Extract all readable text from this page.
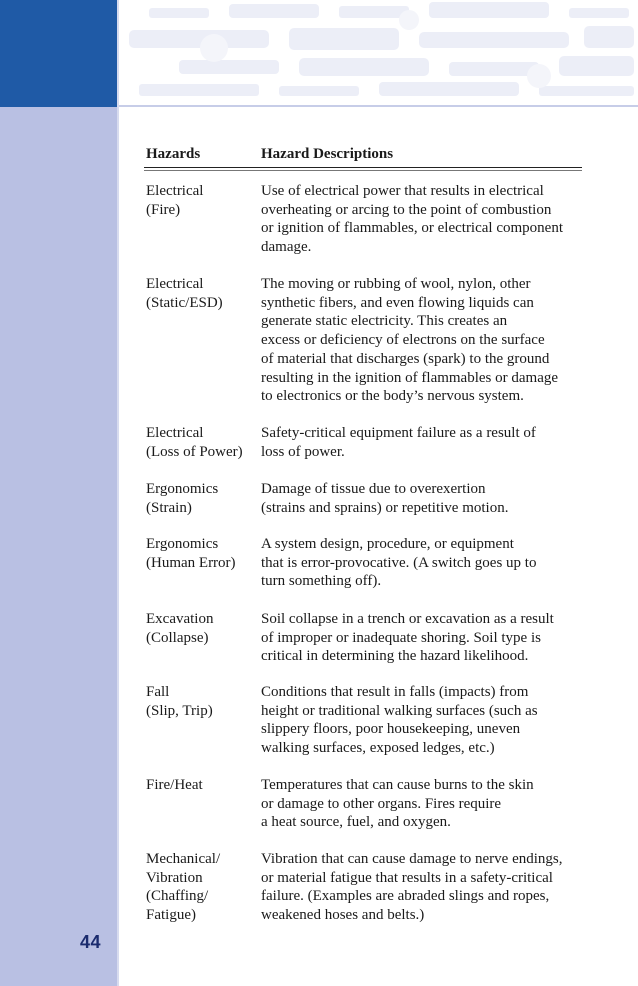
44
Hazards	Hazard Descriptions
Electrical
(Fire)
Use of electrical power that results in electrical
overheating or arcing to the point of combustion
or ignition of flammables, or electrical component
damage.
Electrical
(Static/ESD)
The moving or rubbing of wool, nylon, other
synthetic fibers, and even flowing liquids can
generate static electricity. This creates an
excess or deficiency of electrons on the surface
of material that discharges (spark) to the ground
resulting in the ignition of flammables or damage
to electronics or the body’s nervous system.
Electrical
(Loss of Power)
Safety-critical equipment failure as a result of
loss of power.
Ergonomics
(Strain)
Damage of tissue due to overexertion
(strains and sprains) or repetitive motion.
Ergonomics
(Human Error)
A system design, procedure, or equipment
that is error-provocative. (A switch goes up to
turn something off).
Excavation
(Collapse)
Soil collapse in a trench or excavation as a result
of improper or inadequate shoring. Soil type is
critical in determining the hazard likelihood.
Fall
(Slip, Trip)
Conditions that result in falls (impacts) from
height or traditional walking surfaces (such as
slippery floors, poor housekeeping, uneven
walking surfaces, exposed ledges, etc.)
Fire/Heat	Temperatures that can cause burns to the skin
or damage to other organs. Fires require
a heat source, fuel, and oxygen.
Mechanical/
Vibration
(Chaffing/
Fatigue)
Vibration that can cause damage to nerve endings,
or material fatigue that results in a safety-critical
failure. (Examples are abraded slings and ropes,
weakened hoses and belts.)
